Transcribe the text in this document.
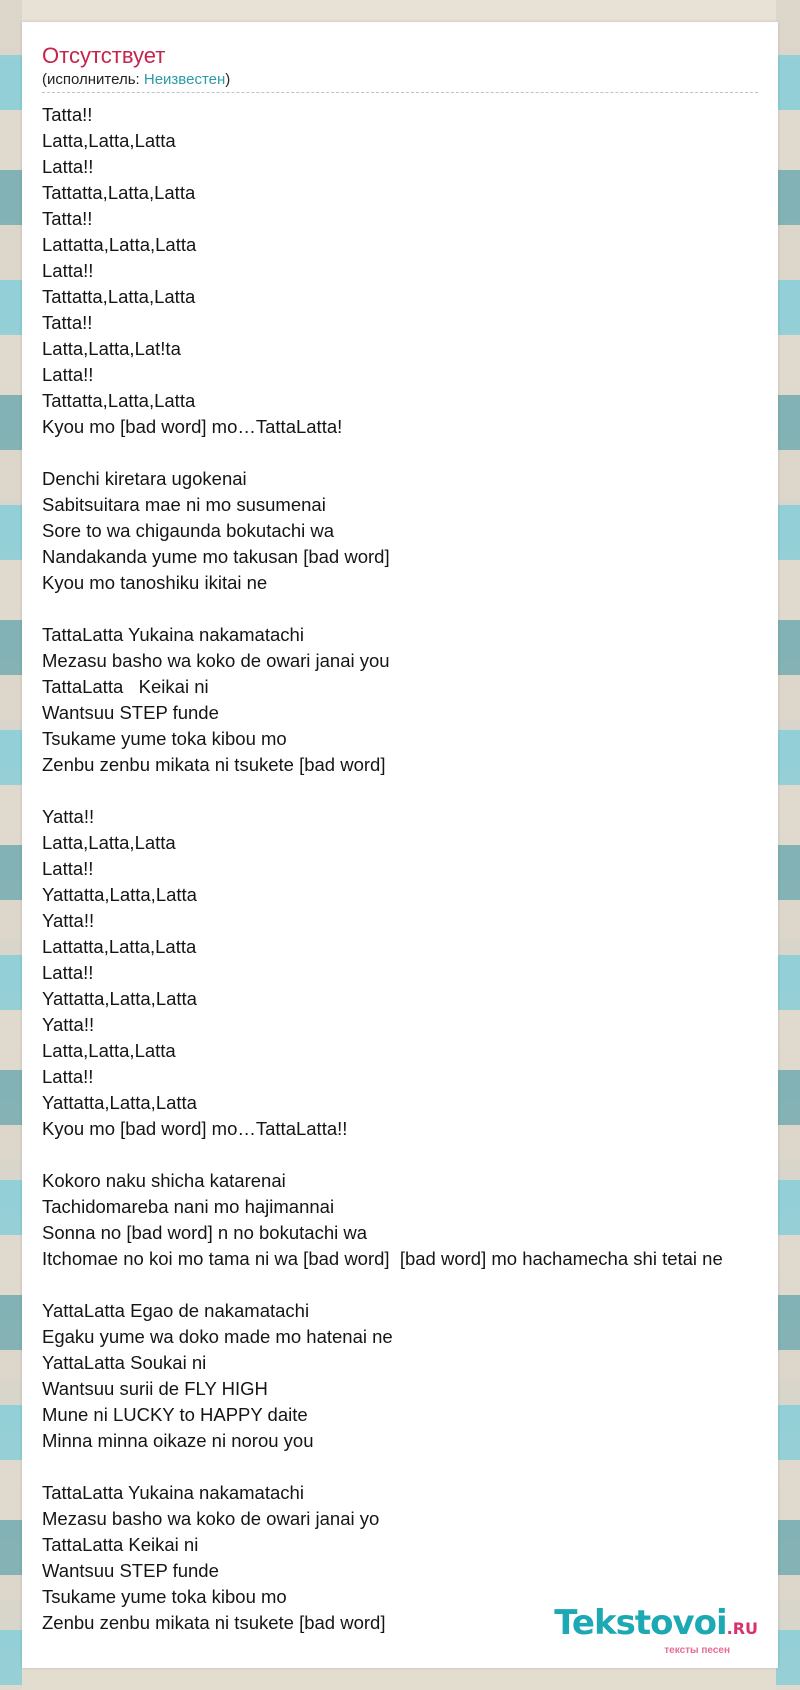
Отсутствует
(исполнитель: Неизвестен)
Tatta!!
Latta,Latta,Latta
Latta!!
Tattatta,Latta,Latta
Tatta!!
Lattatta,Latta,Latta
Latta!!
Tattatta,Latta,Latta
Tatta!!
Latta,Latta,Lat!ta
Latta!!
Tattatta,Latta,Latta
Kyou mo [bad word] mo…TattaLatta!
Denchi kiretara ugokenai
Sabitsuitara mae ni mo susumenai
Sore to wa chigaunda bokutachi wa
Nandakanda yume mo takusan [bad word]
Kyou mo tanoshiku ikitai ne
TattaLatta Yukaina nakamatachi
Mezasu basho wa koko de owari janai you
TattaLatta   Keikai ni
Wantsuu STEP funde
Tsukame yume toka kibou mo
Zenbu zenbu mikata ni tsukete [bad word]
Yatta!!
Latta,Latta,Latta
Latta!!
Yattatta,Latta,Latta
Yatta!!
Lattatta,Latta,Latta
Latta!!
Yattatta,Latta,Latta
Yatta!!
Latta,Latta,Latta
Latta!!
Yattatta,Latta,Latta
Kyou mo [bad word] mo…TattaLatta!!
Kokoro naku shicha katarenai
Tachidomareba nani mo hajimannai
Sonna no [bad word] n no bokutachi wa
Itchomae no koi mo tama ni wa [bad word]  [bad word] mo hachamecha shi tetai ne
YattaLatta Egao de nakamatachi
Egaku yume wa doko made mo hatenai ne
YattaLatta Soukai ni
Wantsuu surii de FLY HIGH
Mune ni LUCKY to HAPPY daite
Minna minna oikaze ni norou you
TattaLatta Yukaina nakamatachi
Mezasu basho wa koko de owari janai yo
TattaLatta Keikai ni
Wantsuu STEP funde
Tsukame yume toka kibou mo
Zenbu zenbu mikata ni tsukete [bad word]	Tekstovoi.RU
тексты песен
